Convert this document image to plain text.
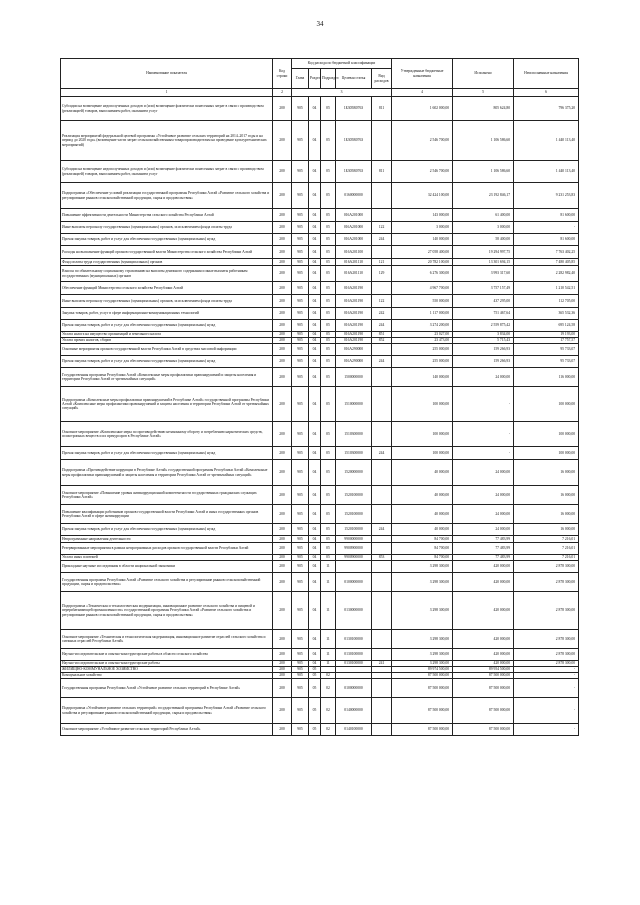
34
Наименование показателя	Код строки	Код расхода по бюджетной классификации					Утвержденные бюджетные назначения	Исполнено	Неисполненные назначения
		Глава	Раздел	Подраздел	Целевая статья	Вид расходов			
1	2	3					4	5	6
Субсидии на возмещение недополученных доходов и (или) возмещение фактически понесенных затрат в связи с производством (реализацией) товаров, выполнением работ, оказанием услуг	200	905	04	05	1Б305R0763	811	1 602 000,00	805 624,80	796 375,20
Реализация мероприятий федеральной целевой программы «Устойчивое развитие сельских территорий на 2014–2017 годы и на период до 2020 года» (возмещение части затрат сельскохозяйственным товаропроизводителям на проведение культуртехнических мероприятий)	200	905	04	05	1Б305R0763		2 546 700,00	1 106 586,60	1 440 113,40
Субсидии на возмещение недополученных доходов и (или) возмещение фактически понесенных затрат в связи с производством (реализацией) товаров, выполнением работ, оказанием услуг	200	905	04	05	1Б305R0763	811	2 546 700,00	1 106 586,60	1 440 113,40
Подпрограмма «Обеспечение условий реализации государственной программы Республики Алтай «Развитие сельского хозяйства и регулирование рынков сельскохозяйственной продукции, сырья и продовольствия»	200	905	04	05	0160000000		32 424 100,00	23 192 846,17	9 231 253,83
Повышение эффективности деятельности Министерства сельского хозяйства Республики Алтай	200	905	04	05	016А201000		143 000,00	61 400,00	81 600,00
Иные выплаты персоналу государственных (муниципальных) органов, за исключением фонда оплаты труда	200	905	04	05	016А201000	122	3 000,00	3 000,00	-
Прочая закупка товаров, работ и услуг для обеспечения государственных (муниципальных) нужд	200	905	04	05	016А201000	244	140 000,00	58 400,00	81 600,00
Расходы на выполнение функций органов государственной власти Министерства сельского хозяйства Республики Алтай	200	905	04	05	016А201100		27 058 400,00	19 294 997,75	7 763 402,25
Фонд оплаты труда государственных (муниципальных) органов	200	905	04	05	016А201110	121	20 782 100,00	13 301 694,15	7 480 405,85
Взносы по обязательному социальному страхованию на выплаты денежного содержания и иные выплаты работникам государственных (муниципальных) органов	200	905	04	05	016А201110	129	6 276 300,00	3 993 317,60	2 282 982,40
Обеспечение функций Министерства сельского хозяйства Республики Алтай	200	905	04	05	016А201190		4 967 700,00	3 757 157,49	1 210 542,51
Иные выплаты персоналу государственных (муниципальных) органов, за исключением фонда оплаты труда	200	905	04	05	016А201190	122	550 000,00	437 295,00	112 705,00
Закупка товаров, работ, услуг в сфере информационно-коммуникационных технологий	200	905	04	05	016А201190	242	1 117 000,00	751 467,64	365 532,36
Прочая закупка товаров, работ и услуг для обеспечения государственных (муниципальных) нужд	200	905	04	05	016А201190	244	3 274 200,00	2 559 875,42	695 124,58
Уплата налога на имущество организаций и земельного налога	200	905	04	05	016А201190	851	23 027,00	3 834,00	19 193,00
Уплата прочих налогов, сборов	200	905	04	05	016А201190	852	23 473,00	5 715,43	17 757,57
Основные мероприятия органов государственной власти Республики Алтай в средствах массовой информации	200	905	04	05	016А290000		255 000,00	159 266,93	95 733,07
Прочая закупка товаров, работ и услуг для обеспечения государственных (муниципальных) нужд	200	905	04	05	016А290000	244	255 000,00	159 266,93	95 733,07
Государственная программа Республики Алтай «Комплексные меры профилактики правонарушений и защиты населения и территории Республики Алтай от чрезвычайных ситуаций»	200	905	04	05	1500000000		140 000,00	24 000,00	116 000,00
Подпрограмма «Комплексные меры профилактики правонарушений в Республике Алтай» государственной программы Республики Алтай «Комплексные меры профилактики правонарушений и защиты населения и территории Республики Алтай от чрезвычайных ситуаций»	200	905	04	05	1510000000		100 000,00	-	100 000,00
Основное мероприятие «Комплексные меры по противодействию незаконному обороту и потреблению наркотических средств, психотропных веществ и их прекурсоров в Республике Алтай»	200	905	04	05	1510300000		100 000,00	-	100 000,00
Прочая закупка товаров, работ и услуг для обеспечения государственных (муниципальных) нужд	200	905	04	05	1510300000	244	100 000,00	-	100 000,00
Подпрограмма «Противодействие коррупции в Республике Алтай» государственной программы Республики Алтай «Комплексные меры профилактики правонарушений и защиты населения и территории Республики Алтай от чрезвычайных ситуаций»	200	905	04	05	1520000000		40 000,00	24 000,00	16 000,00
Основное мероприятие «Повышение уровня антикоррупционной компетентности государственных гражданских служащих Республики Алтай»	200	905	04	05	1520100000		40 000,00	24 000,00	16 000,00
Повышение квалификации работников органов государственной власти Республики Алтай и иных государственных органов Республики Алтай в сфере антикоррупции	200	905	04	05	1520100000		40 000,00	24 000,00	16 000,00
Прочая закупка товаров, работ и услуг для обеспечения государственных (муниципальных) нужд	200	905	04	05	1520100000	244	40 000,00	24 000,00	16 000,00
Непрограммные направления деятельности	200	905	04	05	9900000000		84 700,00	77 483,99	7 216,01
Резервированные мероприятия в рамках непрограммных расходов органов государственной власти Республики Алтай	200	905	04	05	9900900000		84 700,00	77 483,99	7 216,01
Уплата иных платежей	200	905	04	05	9900900000	853	84 700,00	77 483,99	7 216,01
Прикладные научные исследования в области национальной экономики	200	905	04	11			3 298 300,00	420 000,00	2 878 300,00
Государственная программа Республики Алтай «Развитие сельского хозяйства и регулирование рынков сельскохозяйственной продукции, сырья и продовольствия»	200	905	04	11	0100000000		3 298 300,00	420 000,00	2 878 300,00
Подпрограмма «Техническая и технологическая модернизация, инновационное развитие сельского хозяйства и пищевой и перерабатывающей промышленности» государственной программы Республики Алтай «Развитие сельского хозяйства и регулирование рынков сельскохозяйственной продукции, сырья и продовольствия»	200	905	04	11	0130000000		3 298 300,00	420 000,00	2 878 300,00
Основное мероприятие «Техническая и технологическая модернизация, инновационное развитие отраслей сельского хозяйства и смежных отраслей Республики Алтай»	200	905	04	11	0130100000		3 298 300,00	420 000,00	2 878 300,00
Научно-исследовательские и опытно-конструкторские работы в области сельского хозяйства	200	905	04	11	0130100000		3 298 300,00	420 000,00	2 878 300,00
Научно-исследовательские и опытно-конструкторские работы	200	905	04	11	0130100000	241	3 298 300,00	420 000,00	2 878 300,00
ЖИЛИЩНО-КОММУНАЛЬНОЕ ХОЗЯЙСТВО	200	905	05				89 974 500,00	89 954 500,00	-
Коммунальное хозяйство	200	905	05	02			87 500 000,00	87 500 000,00	-
Государственная программа Республики Алтай «Устойчивое развитие сельских территорий в Республике Алтай»	200	905	05	02	0100000000		87 500 000,00	87 500 000,00	-
Подпрограмма «Устойчивое развитие сельских территорий» государственной программы Республики Алтай «Развитие сельского хозяйства и регулирование рынков сельскохозяйственной продукции, сырья и продовольствия»	200	905	05	02	0140000000		87 500 000,00	87 500 000,00	-
Основное мероприятие «Устойчивое развитие сельских территорий Республики Алтай»	200	905	05	02	0140100000		87 500 000,00	87 500 000,00	-
